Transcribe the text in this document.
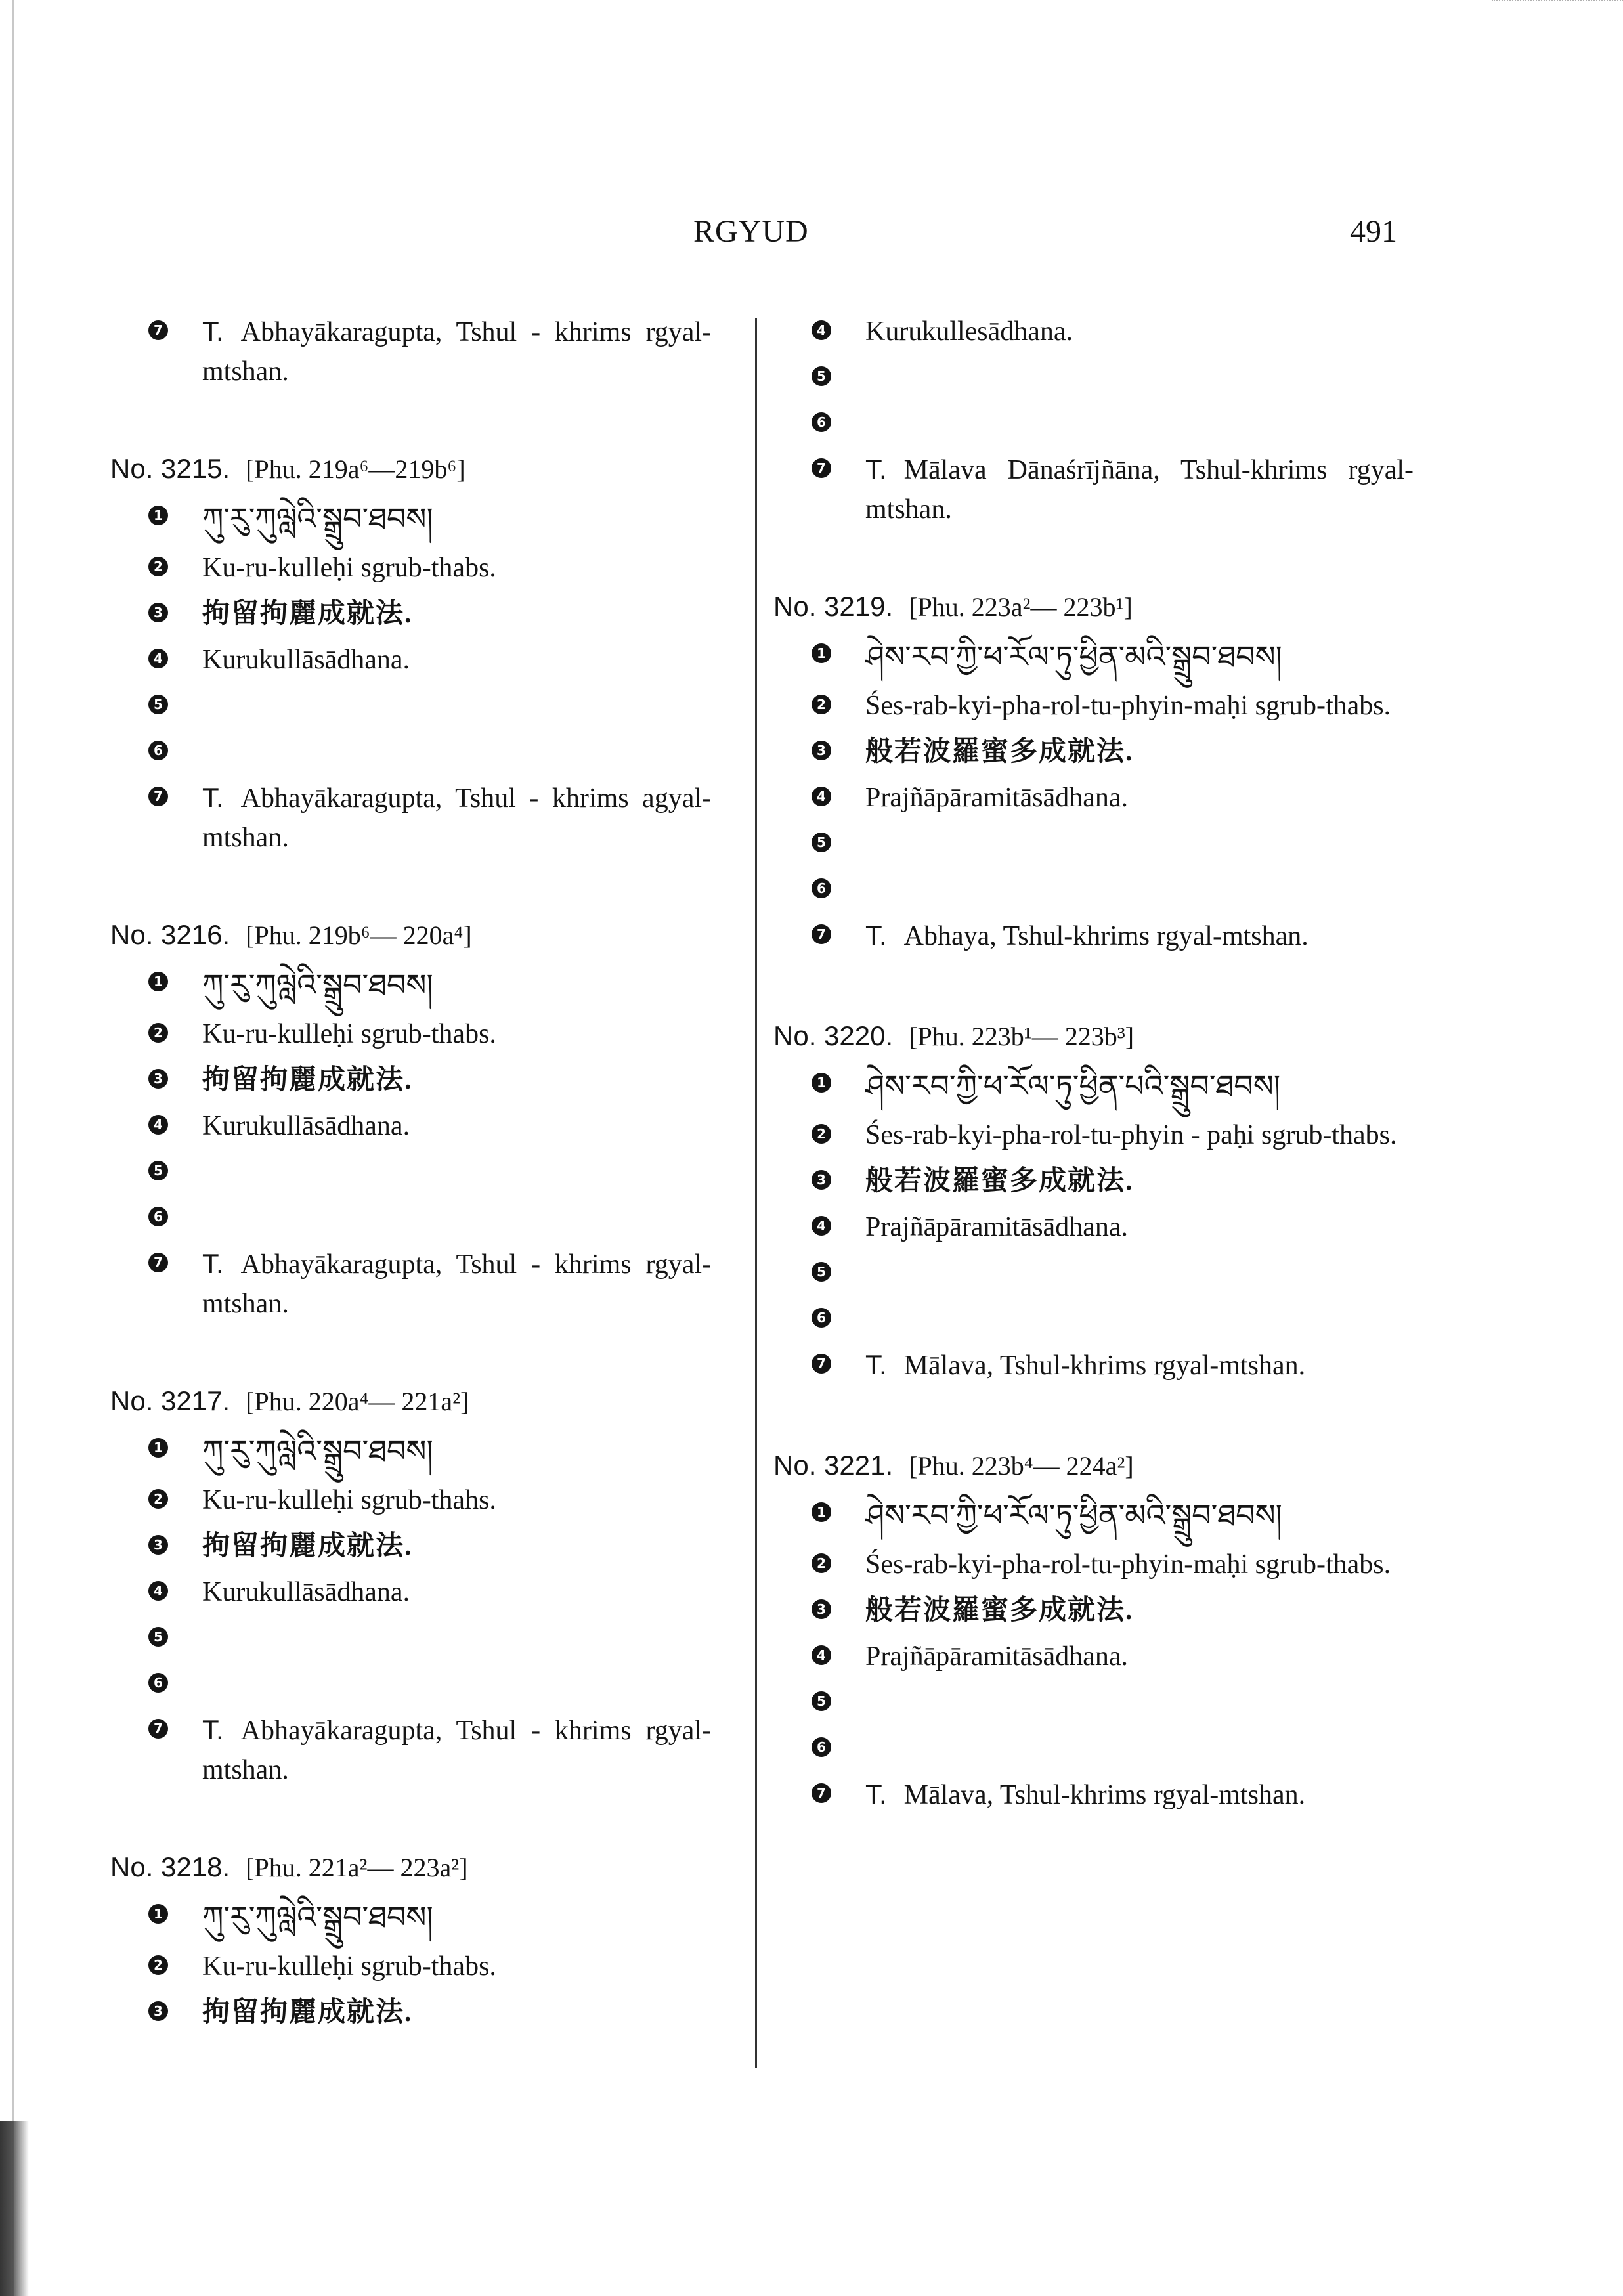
RGYUD	491
7 T. Abhayākaragupta, Tshul - khrims rgyal-mtshan.
No. 3215. [Phu. 219a⁶—219b⁶]
1 ཀུ་རུ་ཀུལླེའི་སྒྲུབ་ཐབས།
2 Ku-ru-kulleḥi sgrub-thabs.
3 拘留拘麗成就法.
4 Kurukullāsādhana.
5
6
7 T. Abhayākaragupta, Tshul - khrims agyal-mtshan.
No. 3216. [Phu. 219b⁶— 220a⁴]
1 ཀུ་རུ་ཀུལླེའི་སྒྲུབ་ཐབས།
2 Ku-ru-kulleḥi sgrub-thabs.
3 拘留拘麗成就法.
4 Kurukullāsādhana.
5
6
7 T. Abhayākaragupta, Tshul - khrims rgyal-mtshan.
No. 3217. [Phu. 220a⁴— 221a²]
1 ཀུ་རུ་ཀུལླེའི་སྒྲུབ་ཐབས།
2 Ku-ru-kulleḥi sgrub-thahs.
3 拘留拘麗成就法.
4 Kurukullāsādhana.
5
6
7 T. Abhayākaragupta, Tshul - khrims rgyal-mtshan.
No. 3218. [Phu. 221a²— 223a²]
1 ཀུ་རུ་ཀུལླེའི་སྒྲུབ་ཐབས།
2 Ku-ru-kulleḥi sgrub-thabs.
3 拘留拘麗成就法.
4 Kurukullesādhana.
5
6
7 T. Mālava Dānaśrījñāna, Tshul-khrims rgyal-mtshan.
No. 3219. [Phu. 223a²— 223b¹]
1 ཤེས་རབ་ཀྱི་ཕ་རོལ་ཏུ་ཕྱིན་མའི་སྒྲུབ་ཐབས།
2 Śes-rab-kyi-pha-rol-tu-phyin-maḥi sgrub-thabs.
3 般若波羅蜜多成就法.
4 Prajñāpāramitāsādhana.
5
6
7 T. Abhaya, Tshul-khrims rgyal-mtshan.
No. 3220. [Phu. 223b¹— 223b³]
1 ཤེས་རབ་ཀྱི་ཕ་རོལ་ཏུ་ཕྱིན་པའི་སྒྲུབ་ཐབས།
2 Śes-rab-kyi-pha-rol-tu-phyin - paḥi sgrub-thabs.
3 般若波羅蜜多成就法.
4 Prajñāpāramitāsādhana.
5
6
7 T. Mālava, Tshul-khrims rgyal-mtshan.
No. 3221. [Phu. 223b⁴— 224a²]
1 ཤེས་རབ་ཀྱི་ཕ་རོལ་ཏུ་ཕྱིན་མའི་སྒྲུབ་ཐབས།
2 Śes-rab-kyi-pha-rol-tu-phyin-maḥi sgrub-thabs.
3 般若波羅蜜多成就法.
4 Prajñāpāramitāsādhana.
5
6
7 T. Mālava, Tshul-khrims rgyal-mtshan.
